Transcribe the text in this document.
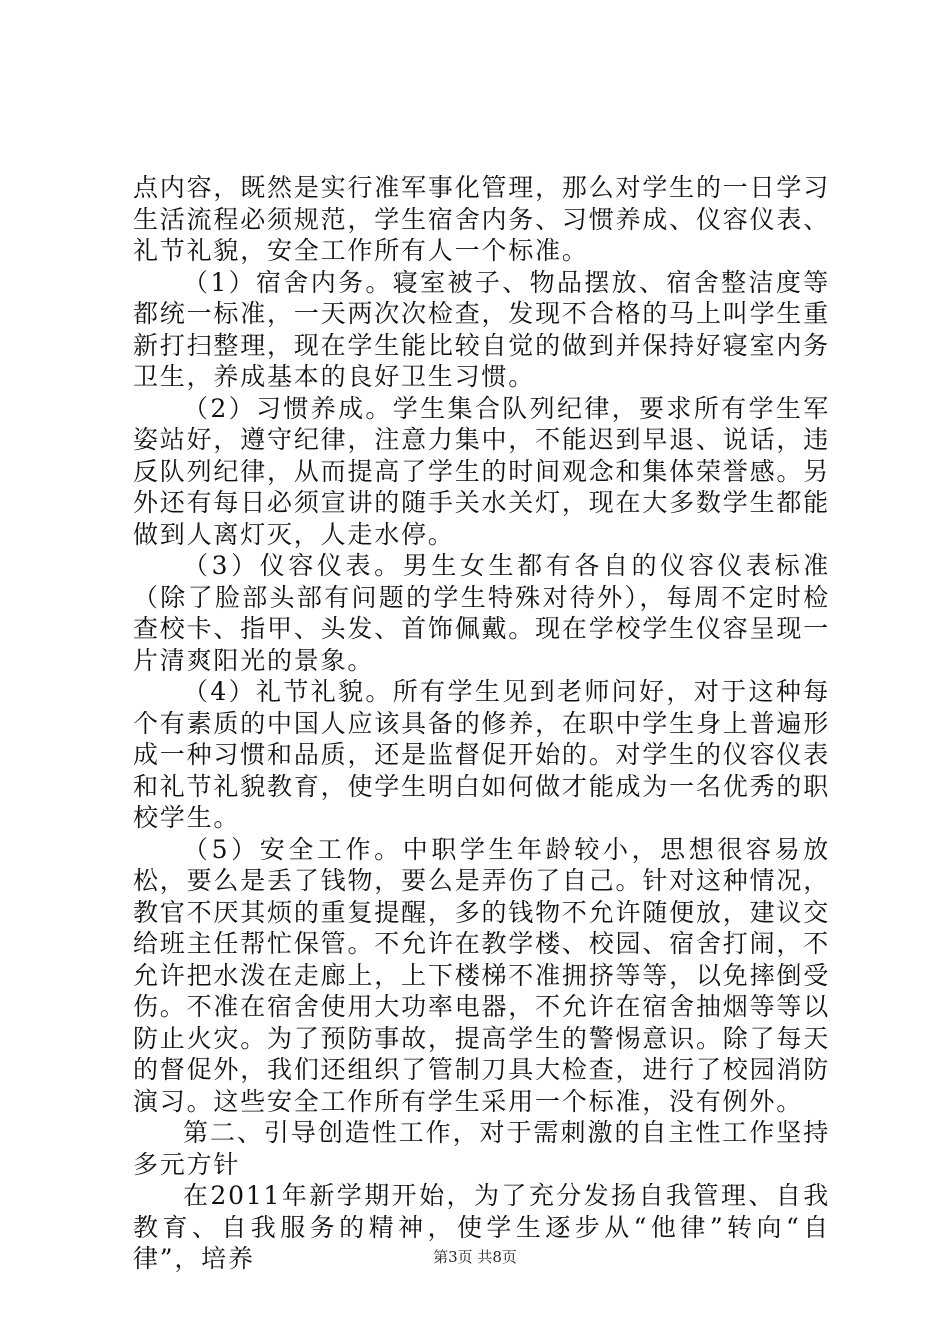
点内容，既然是实行准军事化管理，那么对学生的一日学习生活流程必须规范，学生宿舍内务、习惯养成、仪容仪表、礼节礼貌，安全工作所有人一个标准。

（1）宿舍内务。寝室被子、物品摆放、宿舍整洁度等都统一标准，一天两次次检查，发现不合格的马上叫学生重新打扫整理，现在学生能比较自觉的做到并保持好寝室内务卫生，养成基本的良好卫生习惯。

（2）习惯养成。学生集合队列纪律，要求所有学生军姿站好，遵守纪律，注意力集中，不能迟到早退、说话，违反队列纪律，从而提高了学生的时间观念和集体荣誉感。另外还有每日必须宣讲的随手关水关灯，现在大多数学生都能做到人离灯灭，人走水停。

（3）仪容仪表。男生女生都有各自的仪容仪表标准（除了脸部头部有问题的学生特殊对待外），每周不定时检查校卡、指甲、头发、首饰佩戴。现在学校学生仪容呈现一片清爽阳光的景象。

（4）礼节礼貌。所有学生见到老师问好，对于这种每个有素质的中国人应该具备的修养，在职中学生身上普遍形成一种习惯和品质，还是监督促开始的。对学生的仪容仪表和礼节礼貌教育，使学生明白如何做才能成为一名优秀的职校学生。

（5）安全工作。中职学生年龄较小，思想很容易放松，要么是丢了钱物，要么是弄伤了自己。针对这种情况，教官不厌其烦的重复提醒，多的钱物不允许随便放，建议交给班主任帮忙保管。不允许在教学楼、校园、宿舍打闹，不允许把水泼在走廊上，上下楼梯不准拥挤等等，以免摔倒受伤。不准在宿舍使用大功率电器，不允许在宿舍抽烟等等以防止火灾。为了预防事故，提高学生的警惕意识。除了每天的督促外，我们还组织了管制刀具大检查，进行了校园消防演习。这些安全工作所有学生采用一个标准，没有例外。

第二、引导创造性工作，对于需刺激的自主性工作坚持多元方针

在2011年新学期开始，为了充分发扬自我管理、自我教育、自我服务的精神，使学生逐步从“他律”转向“自律”，培养	第3页 共8页
